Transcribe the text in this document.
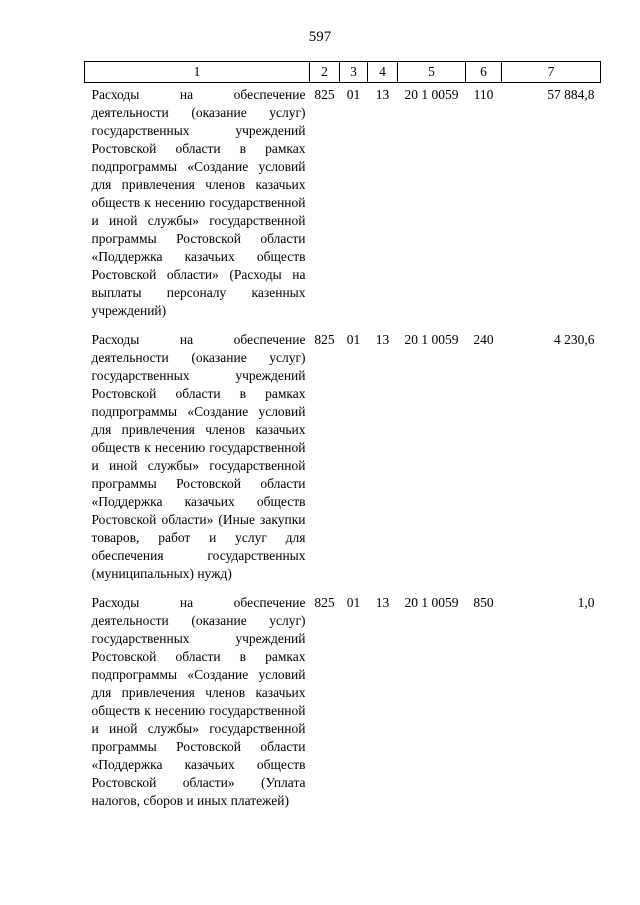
597
1	2	3	4	5	6	7
Расходы на обеспечение деятельности (оказание услуг) государственных учреждений Ростовской области в рамках подпрограммы «Создание условий для привлечения членов казачьих обществ к несению государственной и иной службы» государственной программы Ростовской области «Поддержка казачьих обществ Ростовской области» (Расходы на выплаты персоналу казенных учреждений)	825	01	13	20 1 0059	110	57 884,8
Расходы на обеспечение деятельности (оказание услуг) государственных учреждений Ростовской области в рамках подпрограммы «Создание условий для привлечения членов казачьих обществ к несению государственной и иной службы» государственной программы Ростовской области «Поддержка казачьих обществ Ростовской области» (Иные закупки товаров, работ и услуг для обеспечения государственных (муниципальных) нужд)	825	01	13	20 1 0059	240	4 230,6
Расходы на обеспечение деятельности (оказание услуг) государственных учреждений Ростовской области в рамках подпрограммы «Создание условий для привлечения членов казачьих обществ к несению государственной и иной службы» государственной программы Ростовской области «Поддержка казачьих обществ Ростовской области» (Уплата налогов, сборов и иных платежей)	825	01	13	20 1 0059	850	1,0
